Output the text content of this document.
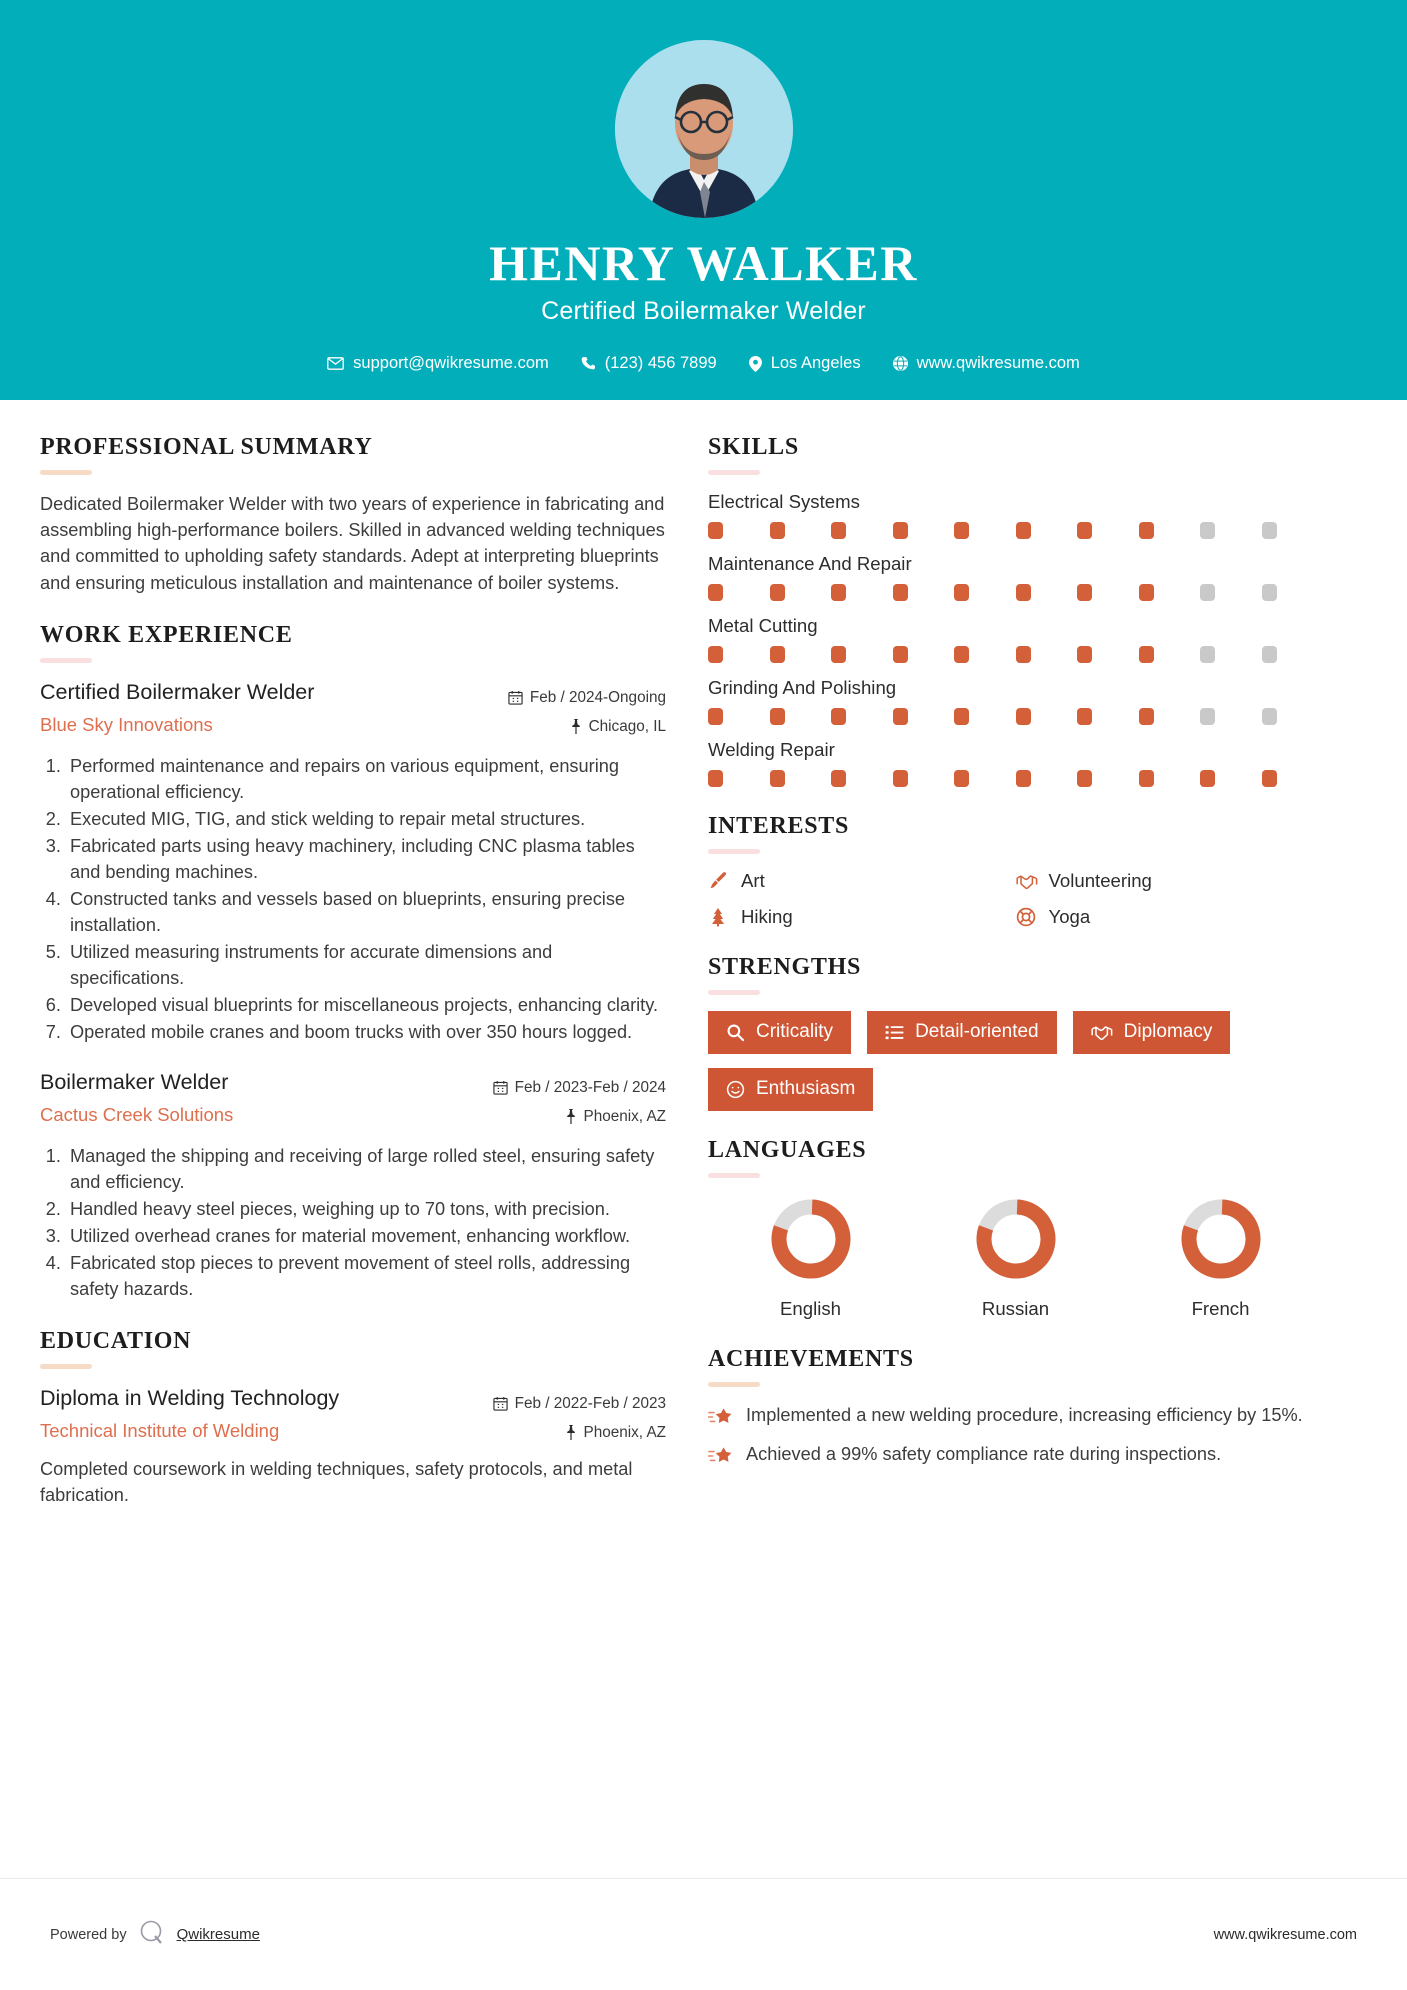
HENRY WALKER
Certified Boilermaker Welder
support@qwikresume.com	(123) 456 7899	Los Angeles	www.qwikresume.com
PROFESSIONAL SUMMARY
Dedicated Boilermaker Welder with two years of experience in fabricating and assembling high-performance boilers. Skilled in advanced welding techniques and committed to upholding safety standards. Adept at interpreting blueprints and ensuring meticulous installation and maintenance of boiler systems.
WORK EXPERIENCE
Certified Boilermaker Welder
Blue Sky Innovations
Feb / 2024-Ongoing
Chicago, IL
1. Performed maintenance and repairs on various equipment, ensuring operational efficiency.
2. Executed MIG, TIG, and stick welding to repair metal structures.
3. Fabricated parts using heavy machinery, including CNC plasma tables and bending machines.
4. Constructed tanks and vessels based on blueprints, ensuring precise installation.
5. Utilized measuring instruments for accurate dimensions and specifications.
6. Developed visual blueprints for miscellaneous projects, enhancing clarity.
7. Operated mobile cranes and boom trucks with over 350 hours logged.
Boilermaker Welder
Cactus Creek Solutions
Feb / 2023-Feb / 2024
Phoenix, AZ
1. Managed the shipping and receiving of large rolled steel, ensuring safety and efficiency.
2. Handled heavy steel pieces, weighing up to 70 tons, with precision.
3. Utilized overhead cranes for material movement, enhancing workflow.
4. Fabricated stop pieces to prevent movement of steel rolls, addressing safety hazards.
EDUCATION
Diploma in Welding Technology
Technical Institute of Welding
Feb / 2022-Feb / 2023
Phoenix, AZ
Completed coursework in welding techniques, safety protocols, and metal fabrication.
SKILLS
Electrical Systems
Maintenance And Repair
Metal Cutting
Grinding And Polishing
Welding Repair
INTERESTS
Art	Volunteering
Hiking	Yoga
STRENGTHS
Criticality	Detail-oriented	Diplomacy
Enthusiasm
LANGUAGES
English	Russian	French
ACHIEVEMENTS
Implemented a new welding procedure, increasing efficiency by 15%.
Achieved a 99% safety compliance rate during inspections.
Powered by	Qwikresume	www.qwikresume.com
